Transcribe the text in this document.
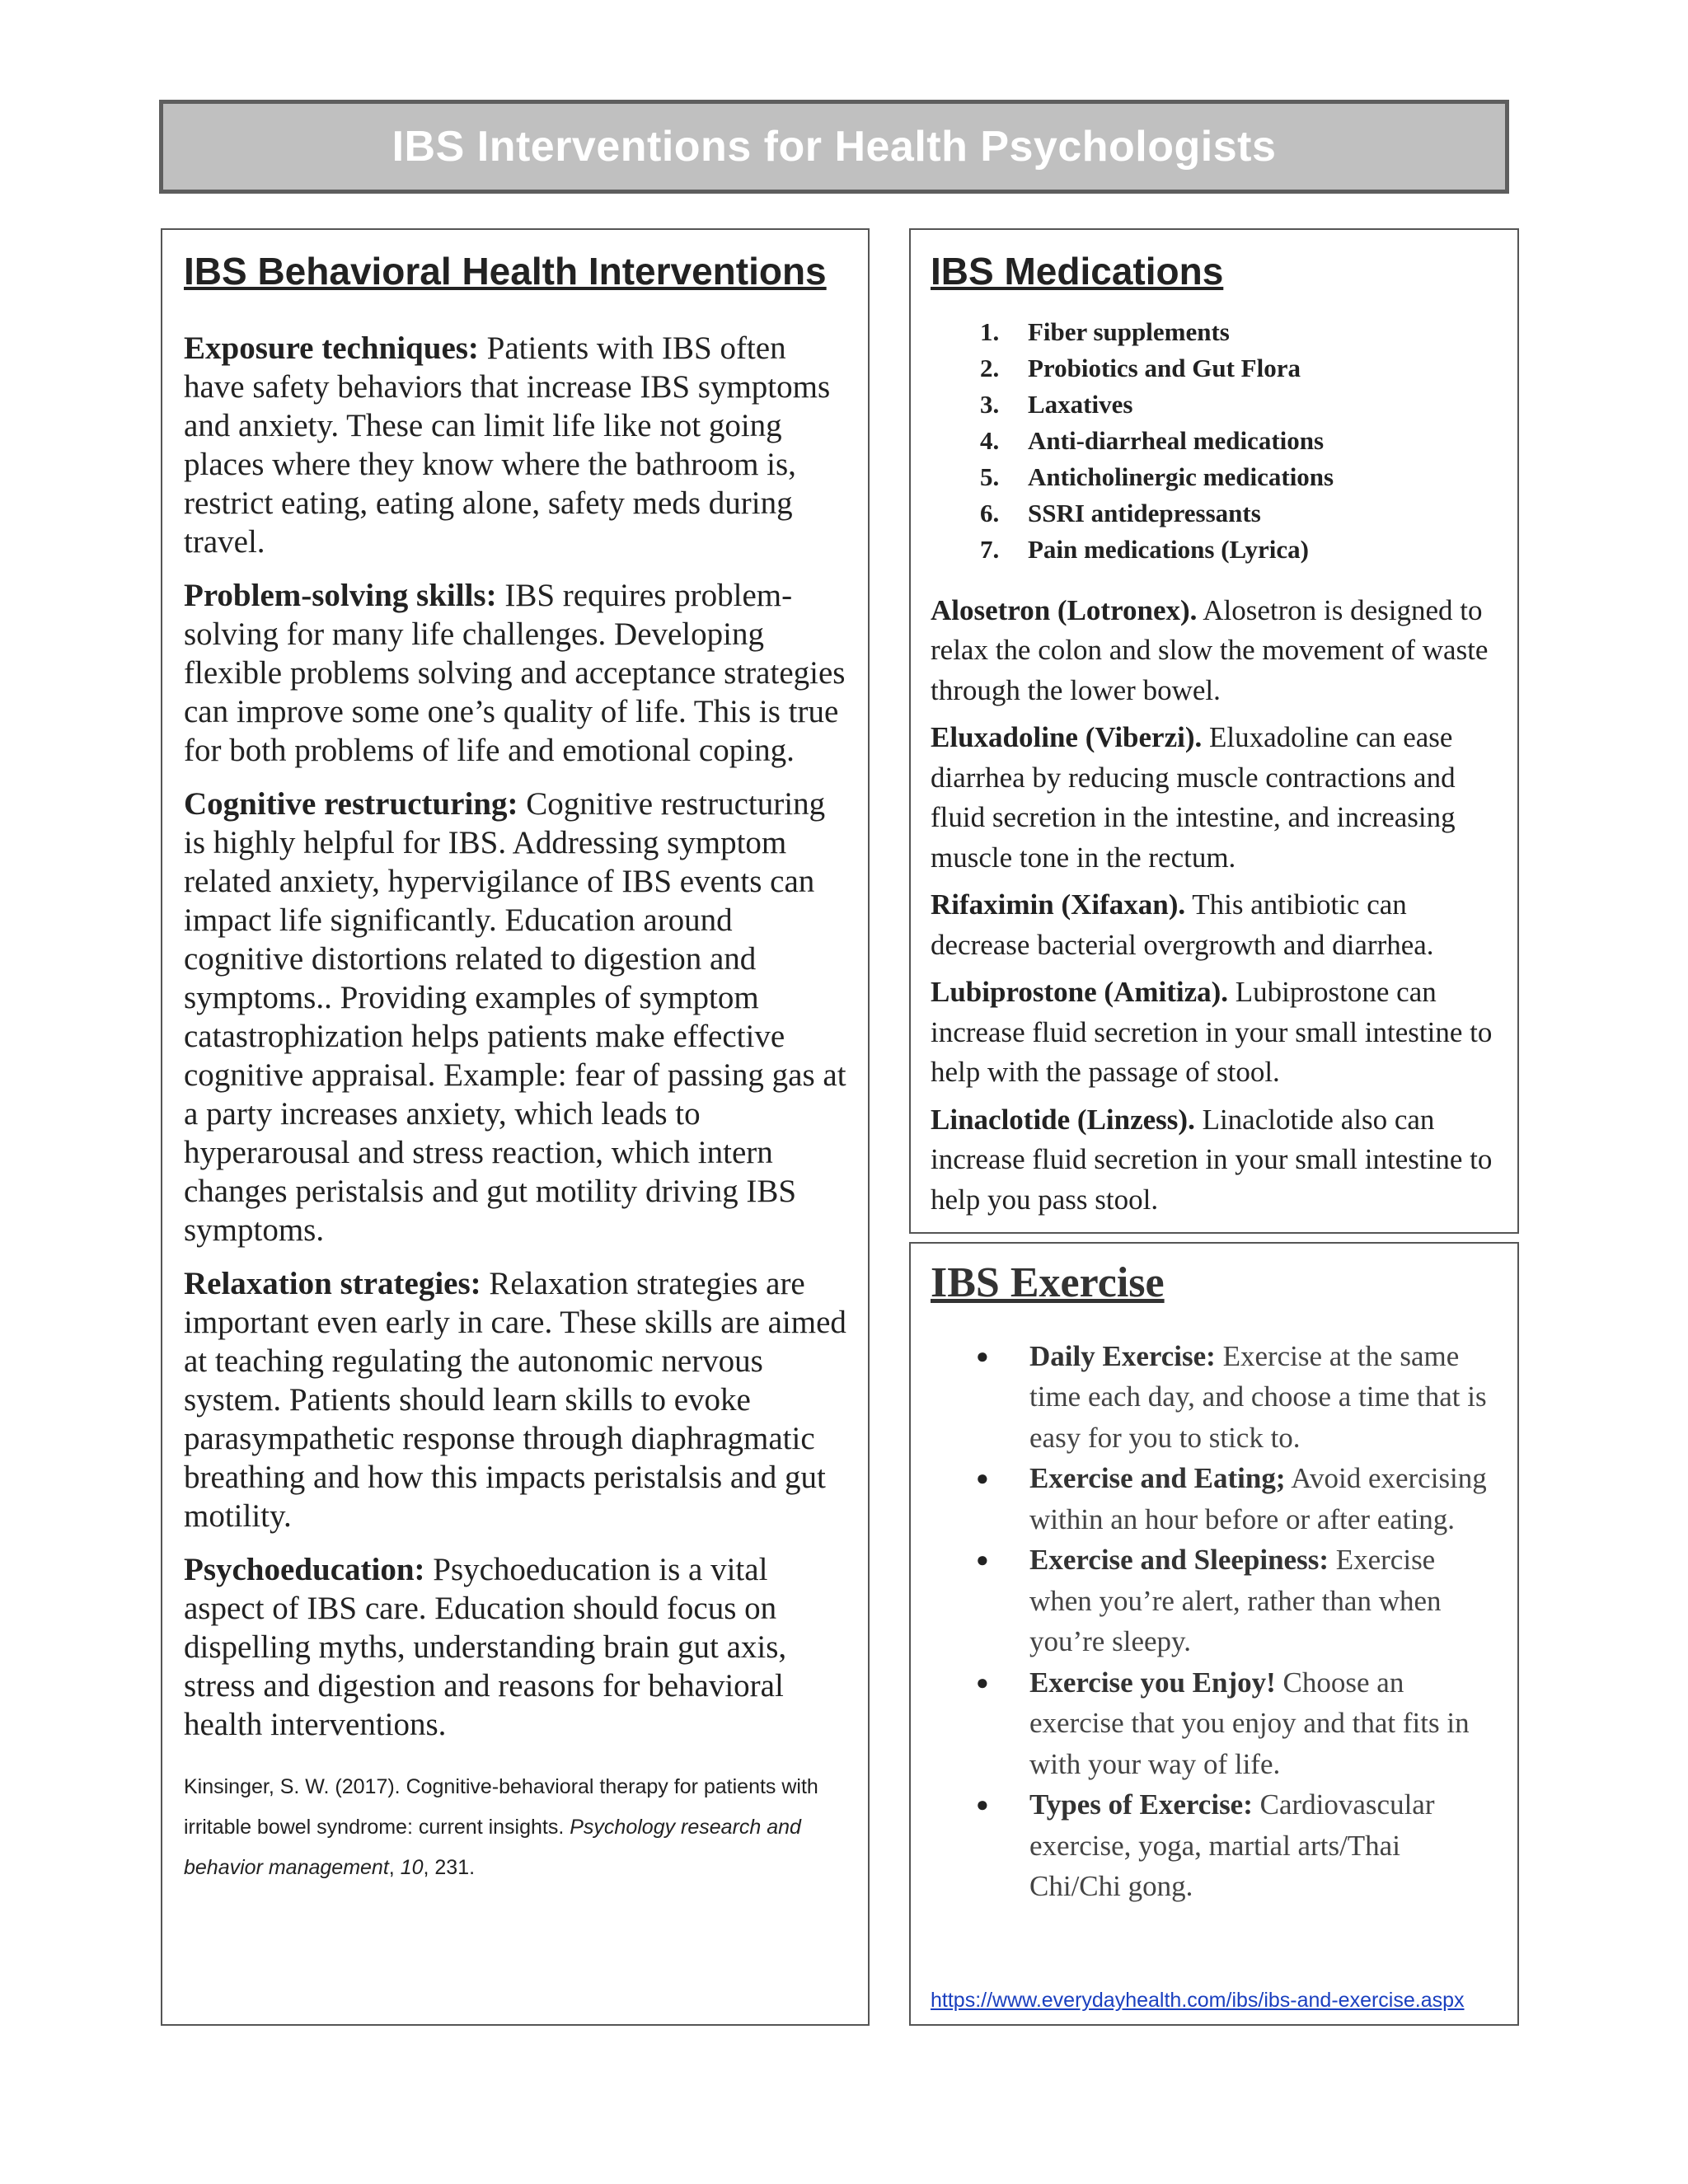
IBS Interventions for Health Psychologists
IBS Behavioral Health Interventions

Exposure techniques: Patients with IBS often have safety behaviors that increase IBS symptoms and anxiety. These can limit life like not going places where they know where the bathroom is, restrict eating, eating alone, safety meds during travel.

Problem-solving skills: IBS requires problem-solving for many life challenges. Developing flexible problems solving and acceptance strategies can improve some one’s quality of life. This is true for both problems of life and emotional coping.

Cognitive restructuring: Cognitive restructuring is highly helpful for IBS. Addressing symptom related anxiety, hypervigilance of IBS events can impact life significantly. Education around cognitive distortions related to digestion and symptoms.. Providing examples of symptom catastrophization helps patients make effective cognitive appraisal. Example: fear of passing gas at a party increases anxiety, which leads to hyperarousal and stress reaction, which intern changes peristalsis and gut motility driving IBS symptoms.

Relaxation strategies: Relaxation strategies are important even early in care. These skills are aimed at teaching regulating the autonomic nervous system. Patients should learn skills to evoke parasympathetic response through diaphragmatic breathing and how this impacts peristalsis and gut motility.

Psychoeducation: Psychoeducation is a vital aspect of IBS care. Education should focus on dispelling myths, understanding brain gut axis, stress and digestion and reasons for behavioral health interventions.

Kinsinger, S. W. (2017). Cognitive-behavioral therapy for patients with irritable bowel syndrome: current insights. Psychology research and behavior management, 10, 231.
IBS Medications
1.	Fiber supplements
2.	Probiotics and Gut Flora
3.	Laxatives
4.	Anti-diarrheal medications
5.	Anticholinergic medications
6.	SSRI antidepressants
7.	Pain medications (Lyrica)

Alosetron (Lotronex). Alosetron is designed to relax the colon and slow the movement of waste through the lower bowel.

Eluxadoline (Viberzi). Eluxadoline can ease diarrhea by reducing muscle contractions and fluid secretion in the intestine, and increasing muscle tone in the rectum.

Rifaximin (Xifaxan). This antibiotic can decrease bacterial overgrowth and diarrhea.

Lubiprostone (Amitiza). Lubiprostone can increase fluid secretion in your small intestine to help with the passage of stool.

Linaclotide (Linzess). Linaclotide also can increase fluid secretion in your small intestine to help you pass stool.

IBS Exercise
●	Daily Exercise: Exercise at the same time each day, and choose a time that is easy for you to stick to.
●	Exercise and Eating; Avoid exercising within an hour before or after eating.
●	Exercise and Sleepiness: Exercise when you’re alert, rather than when you’re sleepy.
●	Exercise you Enjoy! Choose an exercise that you enjoy and that fits in with your way of life.
●	Types of Exercise: Cardiovascular exercise, yoga, martial arts/Thai Chi/Chi gong.
https://www.everydayhealth.com/ibs/ibs-and-exercise.aspx
